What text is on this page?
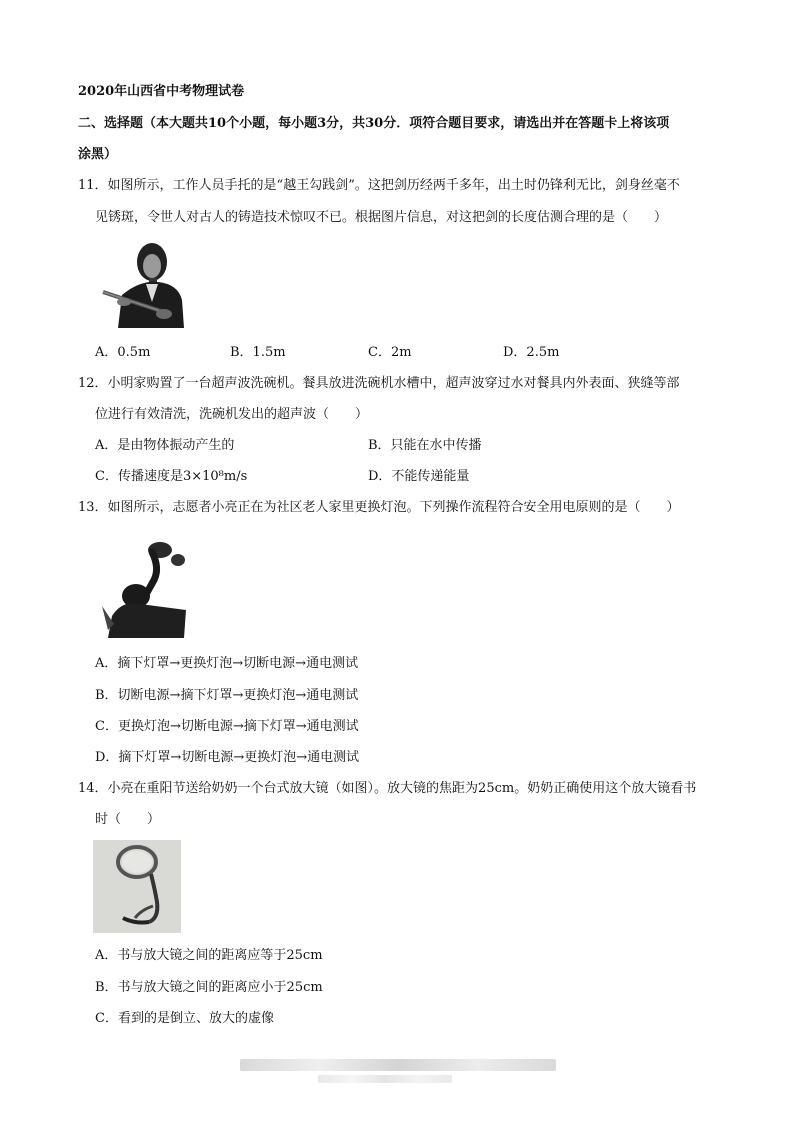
2020年山西省中考物理试卷
二、选择题（本大题共10个小题，每小题3分，共30分．项符合题目要求，请选出并在答题卡上将该项
涂黑）
11．如图所示，工作人员手托的是“越王勾践剑”。这把剑历经两千多年，出土时仍锋利无比，剑身丝毫不
见锈斑，令世人对古人的铸造技术惊叹不已。根据图片信息，对这把剑的长度估测合理的是（　　）
A．0.5m	B．1.5m	C．2m	D．2.5m
12．小明家购置了一台超声波洗碗机。餐具放进洗碗机水槽中，超声波穿过水对餐具内外表面、狭缝等部
位进行有效清洗，洗碗机发出的超声波（　　）
A．是由物体振动产生的	B．只能在水中传播
C．传播速度是3×10⁸m/s	D．不能传递能量
13．如图所示，志愿者小亮正在为社区老人家里更换灯泡。下列操作流程符合安全用电原则的是（　　）
A．摘下灯罩→更换灯泡→切断电源→通电测试
B．切断电源→摘下灯罩→更换灯泡→通电测试
C．更换灯泡→切断电源→摘下灯罩→通电测试
D．摘下灯罩→切断电源→更换灯泡→通电测试
14．小亮在重阳节送给奶奶一个台式放大镜（如图）。放大镜的焦距为25cm。奶奶正确使用这个放大镜看书
时（　　）
A．书与放大镜之间的距离应等于25cm
B．书与放大镜之间的距离应小于25cm
C．看到的是倒立、放大的虚像
